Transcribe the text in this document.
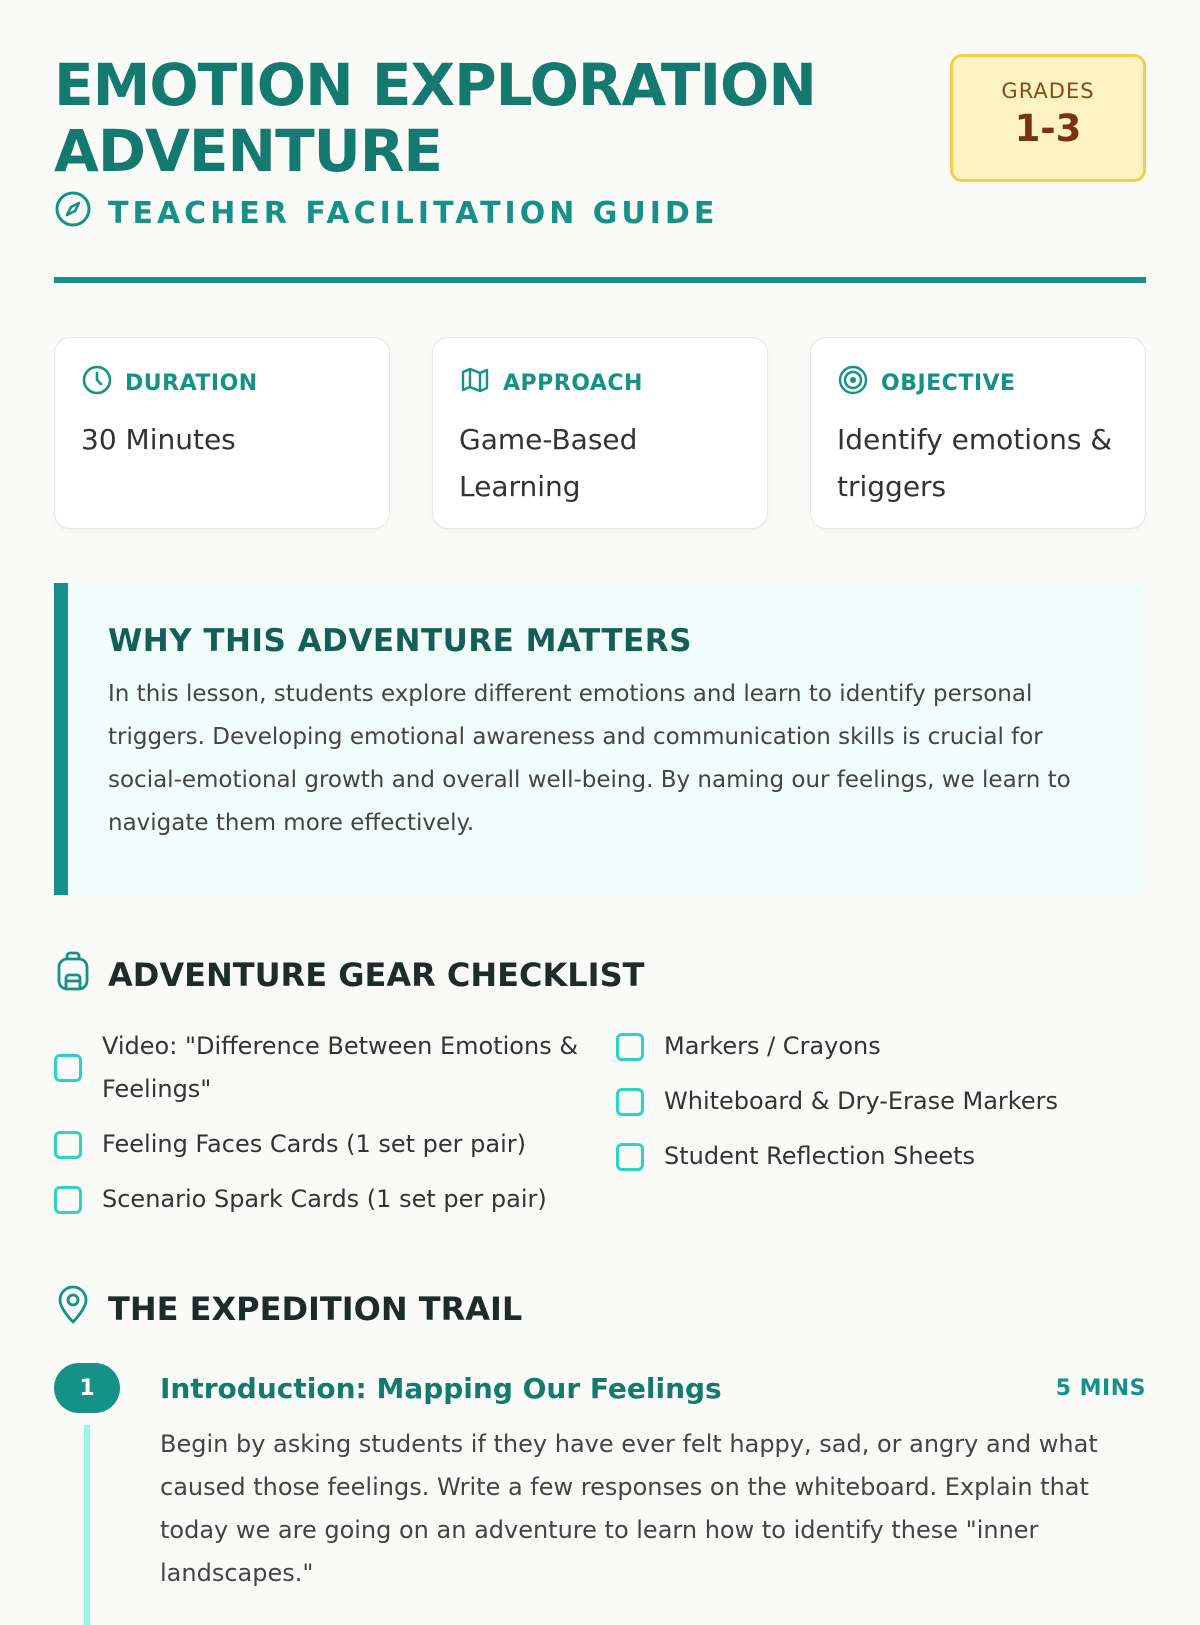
EMOTION EXPLORATION ADVENTURE
TEACHER FACILITATION GUIDE
GRADES
1-3
DURATION
30 Minutes
APPROACH
Game-Based Learning
OBJECTIVE
Identify emotions & triggers
WHY THIS ADVENTURE MATTERS

In this lesson, students explore different emotions and learn to identify personal triggers. Developing emotional awareness and communication skills is crucial for social-emotional growth and overall well-being. By naming our feelings, we learn to navigate them more effectively.

ADVENTURE GEAR CHECKLIST
Video: "Difference Between Emotions & Feelings"
Feeling Faces Cards (1 set per pair)
Scenario Spark Cards (1 set per pair)
Markers / Crayons
Whiteboard & Dry-Erase Markers
Student Reflection Sheets
THE EXPEDITION TRAIL
1	Introduction: Mapping Our Feelings	5 MINS

Begin by asking students if they have ever felt happy, sad, or angry and what caused those feelings. Write a few responses on the whiteboard. Explain that today we are going on an adventure to learn how to identify these "inner landscapes."
